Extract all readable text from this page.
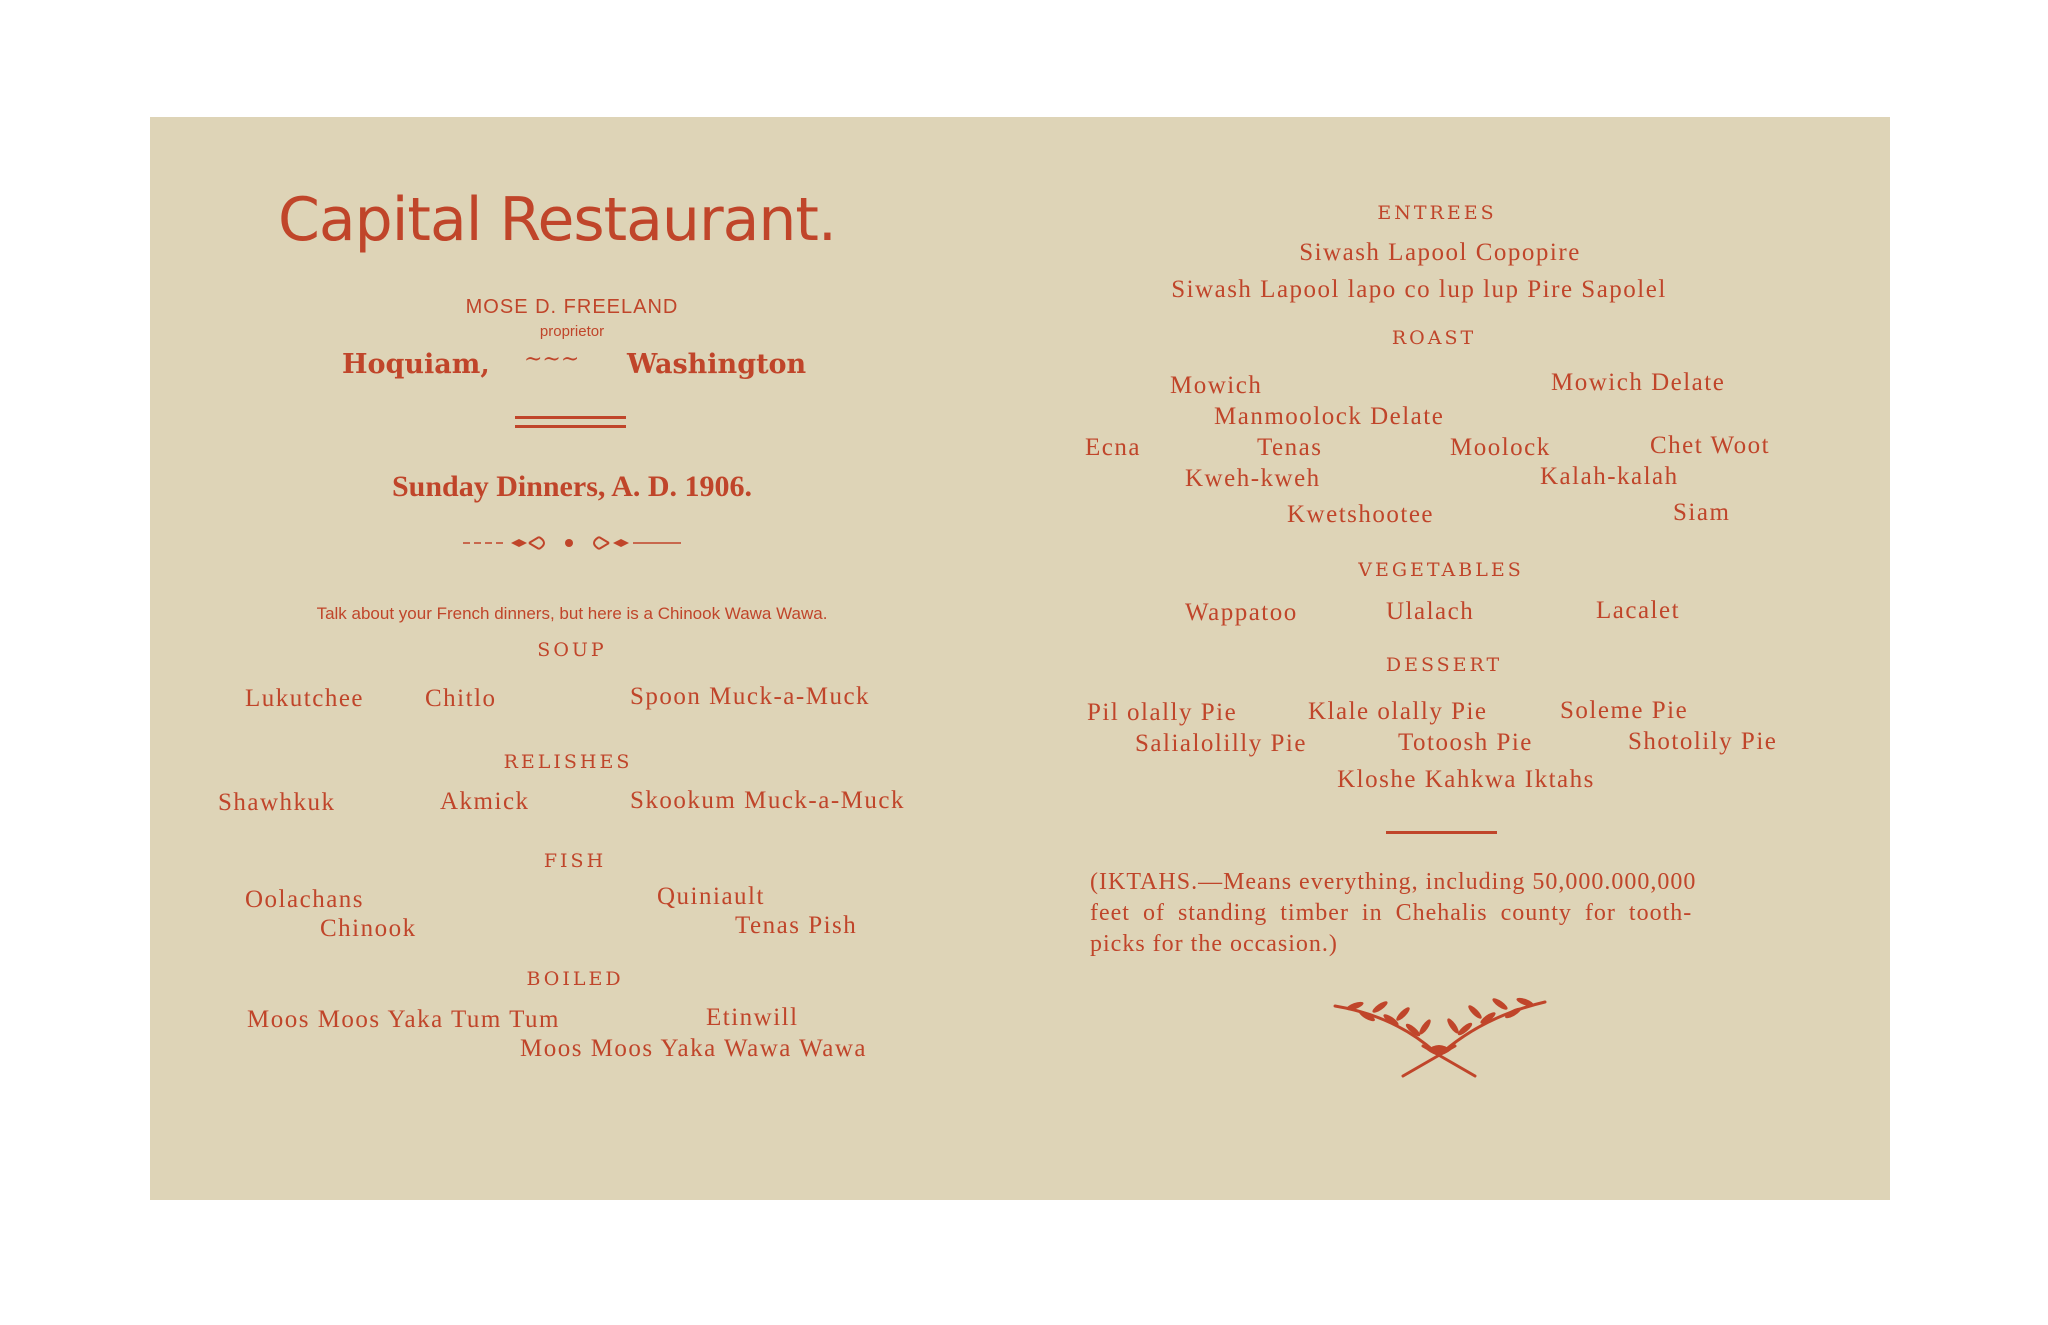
Capital Restaurant.
MOSE D. FREELAND
proprietor
Hoquiam, ~~~ Washington
Sunday Dinners, A. D. 1906.
Talk about your French dinners, but here is a Chinook Wawa Wawa.
SOUP
Lukutchee Chitlo	Spoon Muck-a-Muck
RELISHES
Shawhkuk	Akmick	Skookum Muck-a-Muck
FISH
Oolachans	Quiniault
Chinook	Tenas Pish
BOILED
Moos Moos Yaka Tum Tum	Etinwill
Moos Moos Yaka Wawa Wawa
ENTREES
Siwash Lapool Copopire
Siwash Lapool lapo co lup lup Pire Sapolel
ROAST
Mowich	Mowich Delate
Manmoolock Delate
Ecna	Tenas	Moolock	Chet Woot
Kweh-kweh	Kalah-kalah
Kwetshootee	Siam
VEGETABLES
Wappatoo	Ulalach	Lacalet
DESSERT
Pil olally Pie	Klale olally Pie	Soleme Pie
Salialolilly Pie	Totoosh Pie	Shotolily Pie
Kloshe Kahkwa Iktahs
(IKTAHS.—Means everything, including 50,000.000,000
feet of standing timber in Chehalis county for tooth-
picks for the occasion.)
